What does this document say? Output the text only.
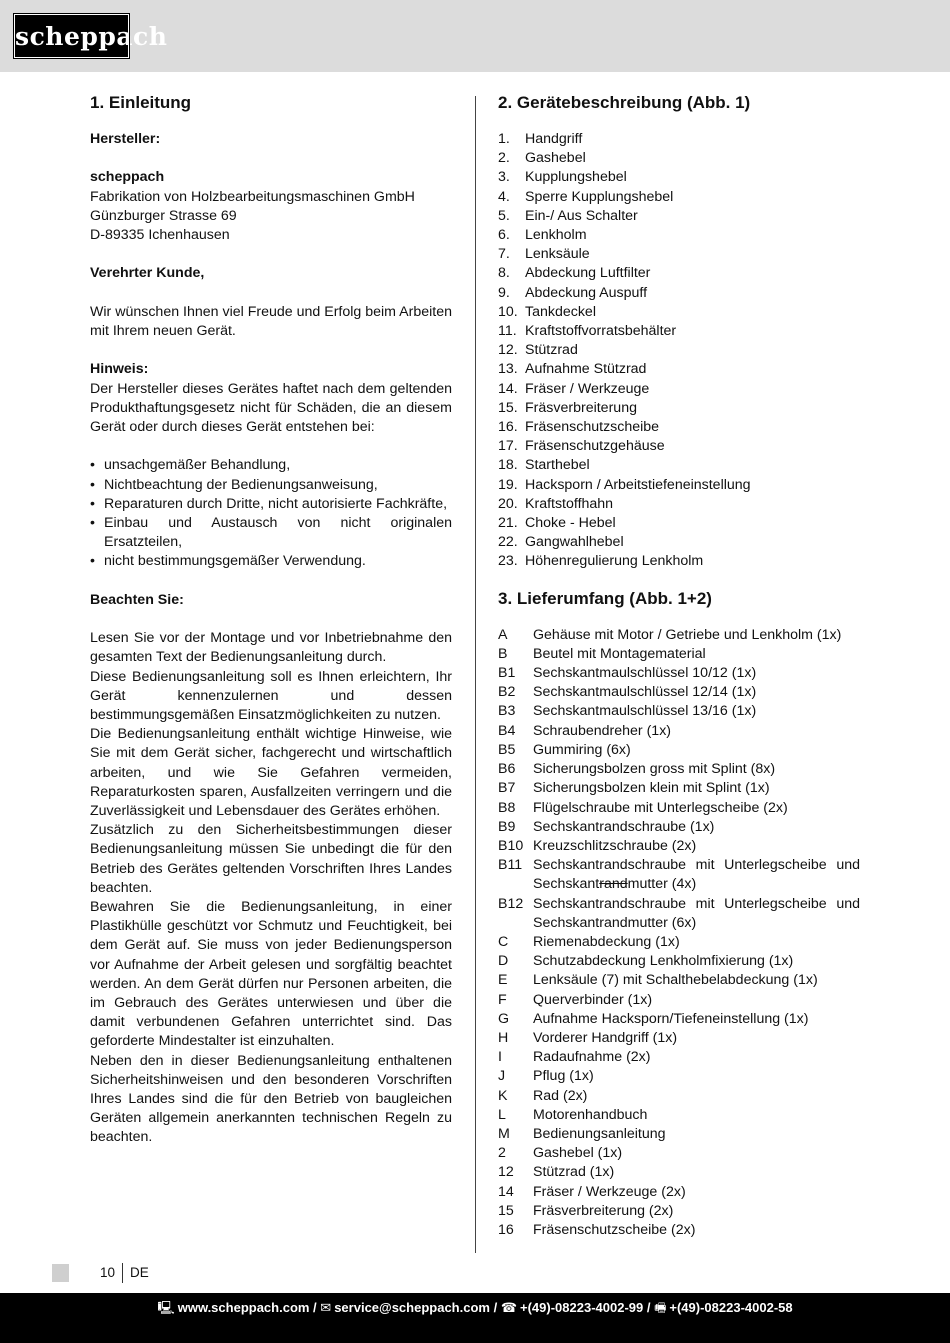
scheppach
1. Einleitung

Hersteller:

scheppach

Fabrikation von Holzbearbeitungsmaschinen GmbH

Günzburger Strasse 69

D-89335 Ichenhausen

Verehrter Kunde,

Wir wünschen Ihnen viel Freude und Erfolg beim Arbeiten mit Ihrem neuen Gerät.

Hinweis:

Der Hersteller dieses Gerätes haftet nach dem geltenden Produkthaftungsgesetz nicht für Schäden, die an diesem Gerät oder durch dieses Gerät entstehen bei:

• unsachgemäßer Behandlung,
• Nichtbeachtung der Bedienungsanweisung,
• Reparaturen durch Dritte, nicht autorisierte Fachkräfte,
• Einbau und Austausch von nicht originalen Ersatzteilen,
• nicht bestimmungsgemäßer Verwendung.

Beachten Sie:

Lesen Sie vor der Montage und vor Inbetriebnahme den gesamten Text der Bedienungsanleitung durch.

Diese Bedienungsanleitung soll es Ihnen erleichtern, Ihr Gerät kennenzulernen und dessen bestimmungsgemäßen Einsatzmöglichkeiten zu nutzen.

Die Bedienungsanleitung enthält wichtige Hinweise, wie Sie mit dem Gerät sicher, fachgerecht und wirtschaftlich arbeiten, und wie Sie Gefahren vermeiden, Reparaturkosten sparen, Ausfallzeiten verringern und die Zuverlässigkeit und Lebensdauer des Gerätes erhöhen.

Zusätzlich zu den Sicherheitsbestimmungen dieser Bedienungsanleitung müssen Sie unbedingt die für den Betrieb des Gerätes geltenden Vorschriften Ihres Landes beachten.

Bewahren Sie die Bedienungsanleitung, in einer Plastikhülle geschützt vor Schmutz und Feuchtigkeit, bei dem Gerät auf. Sie muss von jeder Bedienungsperson vor Aufnahme der Arbeit gelesen und sorgfältig beachtet werden. An dem Gerät dürfen nur Personen arbeiten, die im Gebrauch des Gerätes unterwiesen und über die damit verbundenen Gefahren unterrichtet sind. Das geforderte Mindestalter ist einzuhalten.

Neben den in dieser Bedienungsanleitung enthaltenen Sicherheitshinweisen und den besonderen Vorschriften Ihres Landes sind die für den Betrieb von baugleichen Geräten allgemein anerkannten technischen Regeln zu beachten.

2. Gerätebeschreibung (Abb. 1)
1.	Handgriff
2.	Gashebel
3.	Kupplungshebel
4.	Sperre Kupplungshebel
5.	Ein-/ Aus Schalter
6.	Lenkholm
7.	Lenksäule
8.	Abdeckung Luftfilter
9.	Abdeckung Auspuff
10. Tankdeckel
11. Kraftstoffvorratsbehälter
12. Stützrad
13. Aufnahme Stützrad
14. Fräser / Werkzeuge
15. Fräsverbreiterung
16. Fräsenschutzscheibe
17. Fräsenschutzgehäuse
18. Starthebel
19. Hacksporn / Arbeitstiefeneinstellung
20. Kraftstoffhahn
21. Choke - Hebel
22. Gangwahlhebel
23. Höhenregulierung Lenkholm
3. Lieferumfang (Abb. 1+2)
A	Gehäuse mit Motor / Getriebe und Lenkholm (1x)
B	Beutel mit Montagematerial
B1	Sechskantmaulschlüssel 10/12 (1x)
B2	Sechskantmaulschlüssel 12/14 (1x)
B3	Sechskantmaulschlüssel 13/16 (1x)
B4	Schraubendreher (1x)
B5	Gummiring (6x)
B6	Sicherungsbolzen gross mit Splint (8x)
B7	Sicherungsbolzen klein mit Splint (1x)
B8	Flügelschraube mit Unterlegscheibe (2x)
B9	Sechskantrandschraube (1x)
B10 Kreuzschlitzschraube (2x)
B11 Sechskantrandschraube mit Unterlegscheibe und
Sechskantrandmutter (4x)
B12 Sechskantrandschraube mit Unterlegscheibe und
Sechskantrandmutter (6x)
C	Riemenabdeckung (1x)
D	Schutzabdeckung Lenkholmfixierung (1x)
E	Lenksäule (7) mit Schalthebelabdeckung (1x)
F	Querverbinder (1x)
G	Aufnahme Hacksporn/Tiefeneinstellung (1x)
H	Vorderer Handgriff (1x)
I	Radaufnahme (2x)
J	Pflug (1x)
K	Rad (2x)
L	Motorenhandbuch
M	Bedienungsanleitung
2	Gashebel (1x)
12	Stützrad (1x)
14	Fräser / Werkzeuge (2x)
15	Fräsverbreiterung (2x)
16	Fräsenschutzscheibe (2x)
10 DE
🖳 www.scheppach.com / ✉ service@scheppach.com / ☎ +(49)-08223-4002-99 / 🖷 +(49)-08223-4002-58
